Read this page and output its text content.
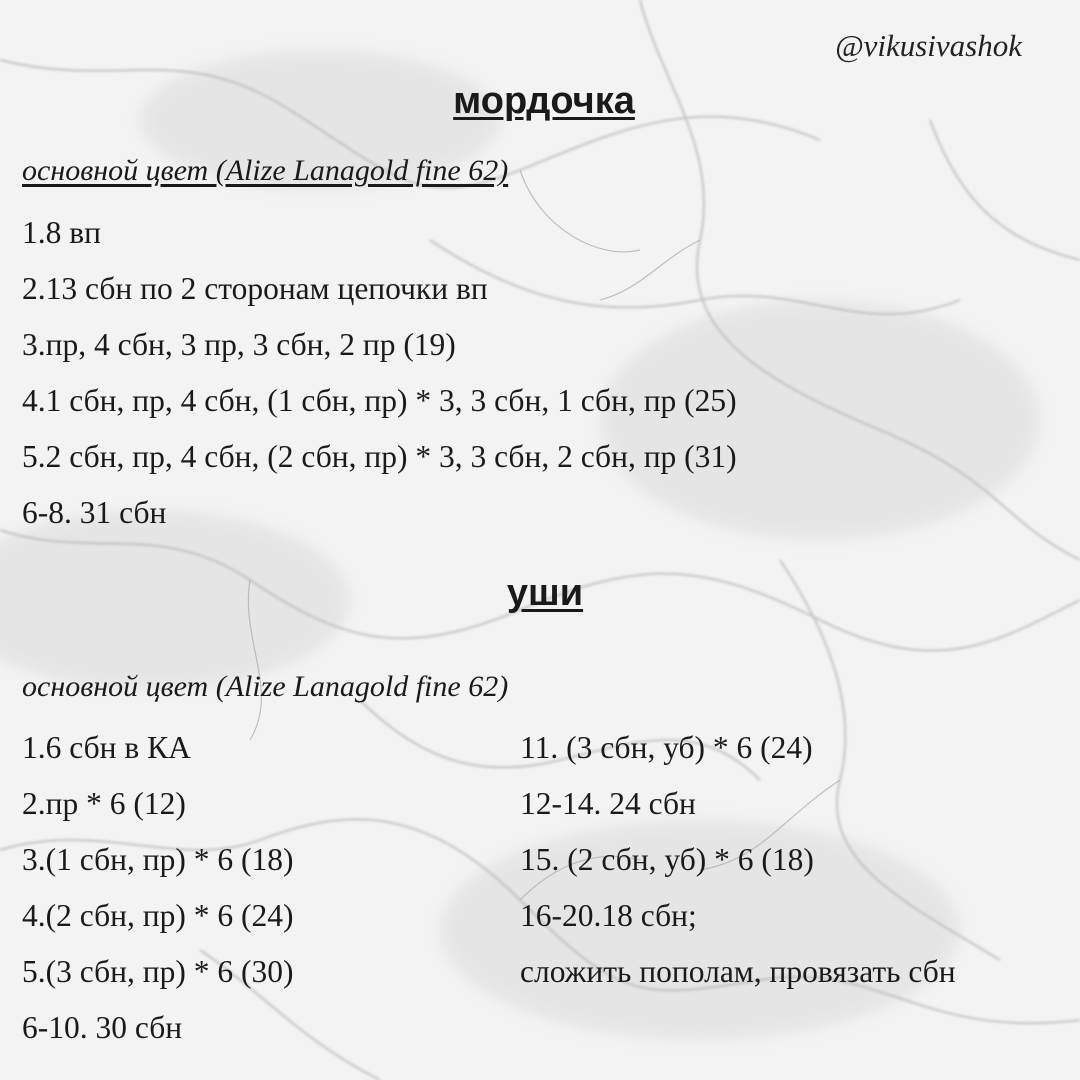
@vikusivashok
мордочка
основной цвет (Alize Lanagold fine 62)
1.8 вп
2.13 сбн по 2 сторонам цепочки вп
3.пр, 4 сбн, 3 пр, 3 сбн, 2 пр (19)
4.1 сбн, пр, 4 сбн, (1 сбн, пр) * 3, 3 сбн, 1 сбн, пр (25)
5.2 сбн, пр, 4 сбн, (2 сбн, пр) * 3, 3 сбн, 2 сбн, пр (31)
6-8. 31 сбн
уши
основной цвет (Alize Lanagold fine 62)
1.6 сбн в КА
2.пр * 6 (12)
3.(1 сбн, пр) * 6 (18)
4.(2 сбн, пр) * 6 (24)
5.(3 сбн, пр) * 6 (30)
6-10. 30 сбн
11. (3 сбн, уб) * 6 (24)
12-14. 24 сбн
15. (2 сбн, уб) * 6 (18)
16-20.18 сбн;
сложить пополам, провязать сбн
